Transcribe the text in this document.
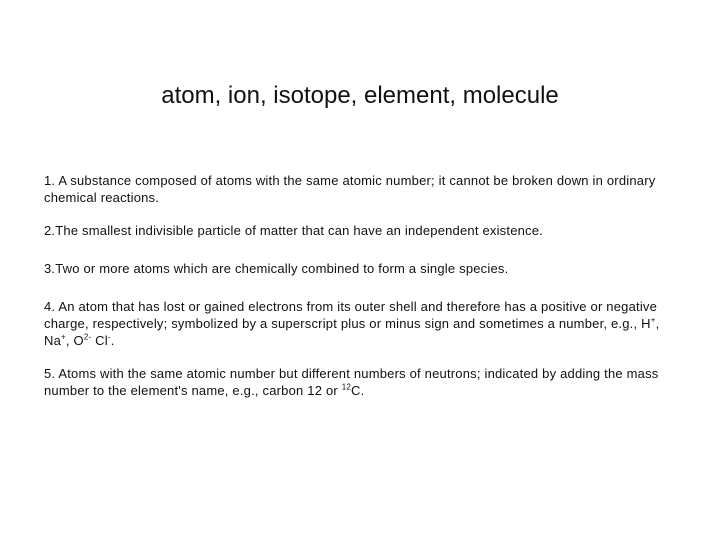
atom, ion, isotope, element, molecule

1. A substance composed of atoms with the same atomic number; it cannot be broken down in ordinary chemical reactions.

2.The smallest indivisible particle of matter that can have an independent existence.

3.Two or more atoms which are chemically combined to form a single species.

4. An atom that has lost or gained electrons from its outer shell and therefore has a positive or negative charge, respectively; symbolized by a superscript plus or minus sign and sometimes a number, e.g., H+, Na+, $O^{2-}$ Cl-.

5. Atoms with the same atomic number but different numbers of neutrons; indicated by adding the mass number to the element's name, e.g., carbon 12 or $^{12}$C.
